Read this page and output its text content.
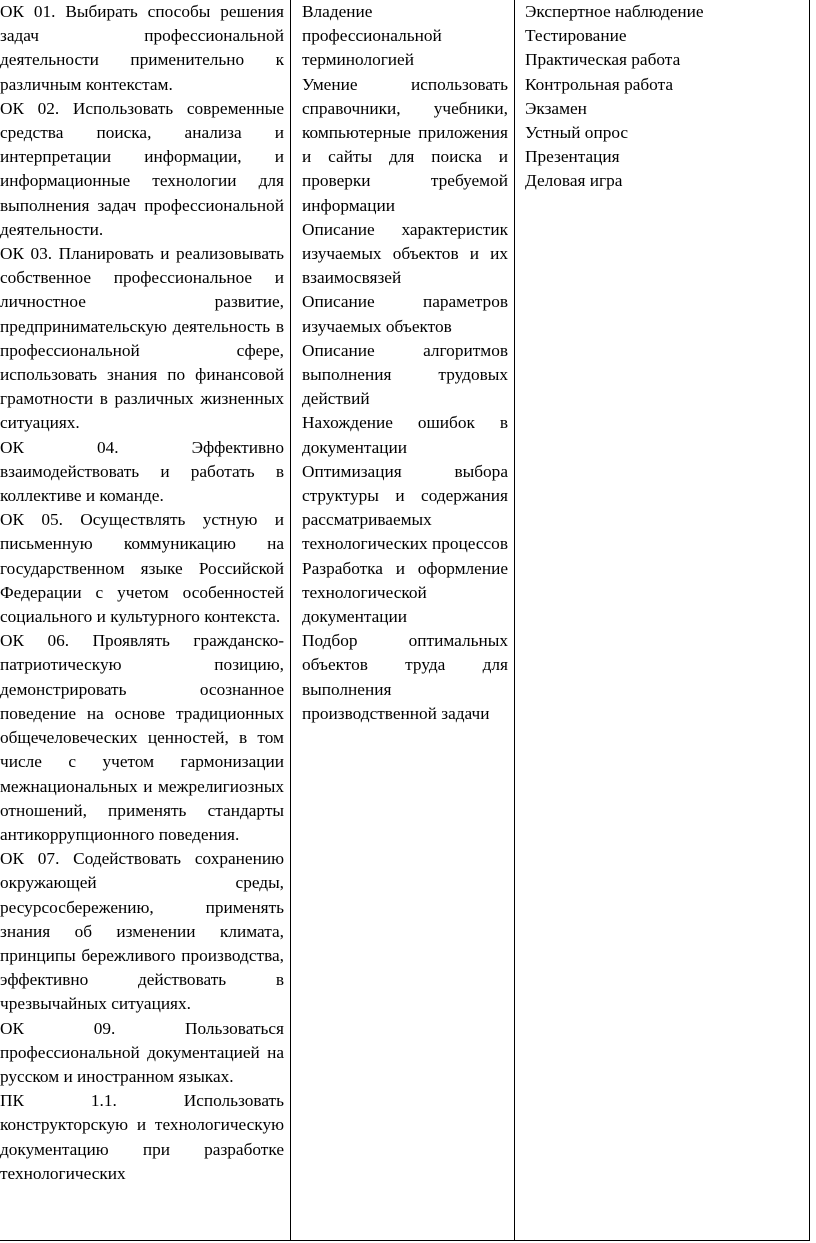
ОК 01. Выбирать способы решения задач профессиональной деятельности применительно к различным контекстам.

ОК 02. Использовать современные средства поиска, анализа и интерпретации информации, и информационные технологии для выполнения задач профессиональной деятельности.

ОК 03. Планировать и реализовывать собственное профессиональное и личностное развитие, предпринимательскую деятельность в профессиональной сфере, использовать знания по финансовой грамотности в различных жизненных ситуациях.

ОК 04. Эффективно взаимодействовать и работать в коллективе и команде.

ОК 05. Осуществлять устную и письменную коммуникацию на государственном языке Российской Федерации с учетом особенностей социального и культурного контекста.

ОК 06. Проявлять гражданско-патриотическую позицию, демонстрировать осознанное поведение на основе традиционных общечеловеческих ценностей, в том числе с учетом гармонизации межнациональных и межрелигиозных отношений, применять стандарты антикоррупционного поведения.

ОК 07. Содействовать сохранению окружающей среды, ресурсосбережению, применять знания об изменении климата, принципы бережливого производства, эффективно действовать в чрезвычайных ситуациях.

ОК 09. Пользоваться профессиональной документацией на русском и иностранном языках.

ПК 1.1. Использовать конструкторскую и технологическую документацию при разработке технологических

Владение профессиональной терминологией

Умение использовать справочники, учебники, компьютерные приложения и сайты для поиска и проверки требуемой информации

Описание характеристик изучаемых объектов и их взаимосвязей

Описание параметров изучаемых объектов

Описание алгоритмов выполнения трудовых действий

Нахождение ошибок в документации

Оптимизация выбора структуры и содержания рассматриваемых технологических процессов

Разработка и оформление технологической документации

Подбор оптимальных объектов труда для выполнения производственной задачи

Экспертное наблюдение
Тестирование
Практическая работа
Контрольная работа
Экзамен
Устный опрос
Презентация
Деловая игра
